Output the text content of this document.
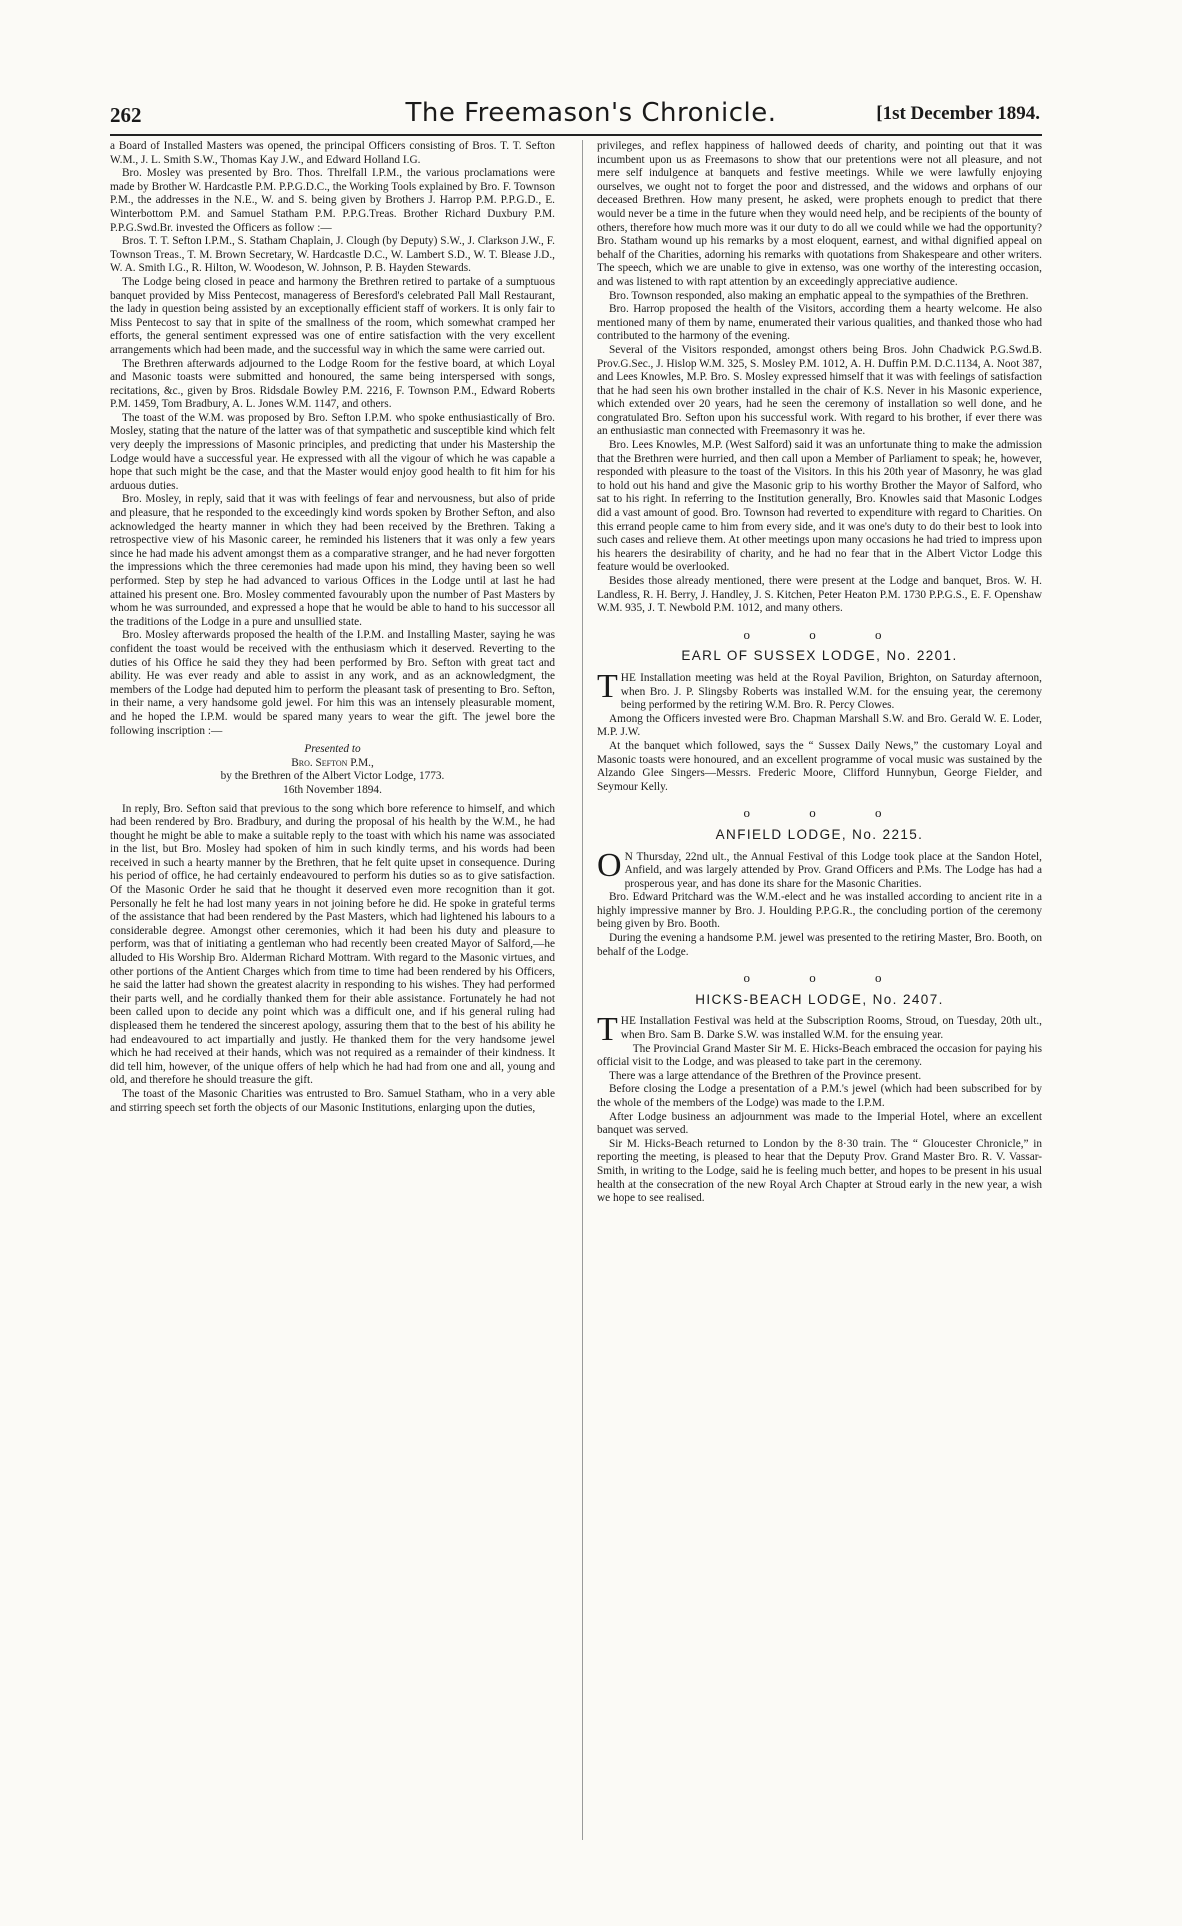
262	The Freemason's Chronicle.	[1st December 1894.

a Board of Installed Masters was opened, the principal Officers consisting of Bros. T. T. Sefton W.M., J. L. Smith S.W., Thomas Kay J.W., and Edward Holland I.G.

Bro. Mosley was presented by Bro. Thos. Threlfall I.P.M., the various proclamations were made by Brother W. Hardcastle P.M. P.P.G.D.C., the Working Tools explained by Bro. F. Townson P.M., the addresses in the N.E., W. and S. being given by Brothers J. Harrop P.M. P.P.G.D., E. Winterbottom P.M. and Samuel Statham P.M. P.P.G.Treas. Brother Richard Duxbury P.M. P.P.G.Swd.Br. invested the Officers as follow :—

Bros. T. T. Sefton I.P.M., S. Statham Chaplain, J. Clough (by Deputy) S.W., J. Clarkson J.W., F. Townson Treas., T. M. Brown Secretary, W. Hardcastle D.C., W. Lambert S.D., W. T. Blease J.D., W. A. Smith I.G., R. Hilton, W. Woodeson, W. Johnson, P. B. Hayden Stewards.

The Lodge being closed in peace and harmony the Brethren retired to partake of a sumptuous banquet provided by Miss Pentecost, manageress of Beresford's celebrated Pall Mall Restaurant, the lady in question being assisted by an exceptionally efficient staff of workers. It is only fair to Miss Pentecost to say that in spite of the smallness of the room, which somewhat cramped her efforts, the general sentiment expressed was one of entire satisfaction with the very excellent arrangements which had been made, and the successful way in which the same were carried out.

The Brethren afterwards adjourned to the Lodge Room for the festive board, at which Loyal and Masonic toasts were submitted and honoured, the same being interspersed with songs, recitations, &c., given by Bros. Ridsdale Bowley P.M. 2216, F. Townson P.M., Edward Roberts P.M. 1459, Tom Bradbury, A. L. Jones W.M. 1147, and others.

The toast of the W.M. was proposed by Bro. Sefton I.P.M. who spoke enthusiastically of Bro. Mosley, stating that the nature of the latter was of that sympathetic and susceptible kind which felt very deeply the impressions of Masonic principles, and predicting that under his Mastership the Lodge would have a successful year. He expressed with all the vigour of which he was capable a hope that such might be the case, and that the Master would enjoy good health to fit him for his arduous duties.

Bro. Mosley, in reply, said that it was with feelings of fear and nervousness, but also of pride and pleasure, that he responded to the exceedingly kind words spoken by Brother Sefton, and also acknowledged the hearty manner in which they had been received by the Brethren. Taking a retrospective view of his Masonic career, he reminded his listeners that it was only a few years since he had made his advent amongst them as a comparative stranger, and he had never forgotten the impressions which the three ceremonies had made upon his mind, they having been so well performed. Step by step he had advanced to various Offices in the Lodge until at last he had attained his present one. Bro. Mosley commented favourably upon the number of Past Masters by whom he was surrounded, and expressed a hope that he would be able to hand to his successor all the traditions of the Lodge in a pure and unsullied state.

Bro. Mosley afterwards proposed the health of the I.P.M. and Installing Master, saying he was confident the toast would be received with the enthusiasm which it deserved. Reverting to the duties of his Office he said they they had been performed by Bro. Sefton with great tact and ability. He was ever ready and able to assist in any work, and as an acknowledgment, the members of the Lodge had deputed him to perform the pleasant task of presenting to Bro. Sefton, in their name, a very handsome gold jewel. For him this was an intensely pleasurable moment, and he hoped the I.P.M. would be spared many years to wear the gift. The jewel bore the following inscription :—

Presented to

Bro. Sefton P.M.,

by the Brethren of the Albert Victor Lodge, 1773.

16th November 1894.

In reply, Bro. Sefton said that previous to the song which bore reference to himself, and which had been rendered by Bro. Bradbury, and during the proposal of his health by the W.M., he had thought he might be able to make a suitable reply to the toast with which his name was associated in the list, but Bro. Mosley had spoken of him in such kindly terms, and his words had been received in such a hearty manner by the Brethren, that he felt quite upset in consequence. During his period of office, he had certainly endeavoured to perform his duties so as to give satisfaction. Of the Masonic Order he said that he thought it deserved even more recognition than it got. Personally he felt he had lost many years in not joining before he did. He spoke in grateful terms of the assistance that had been rendered by the Past Masters, which had lightened his labours to a considerable degree. Amongst other ceremonies, which it had been his duty and pleasure to perform, was that of initiating a gentleman who had recently been created Mayor of Salford,—he alluded to His Worship Bro. Alderman Richard Mottram. With regard to the Masonic virtues, and other portions of the Antient Charges which from time to time had been rendered by his Officers, he said the latter had shown the greatest alacrity in responding to his wishes. They had performed their parts well, and he cordially thanked them for their able assistance. Fortunately he had not been called upon to decide any point which was a difficult one, and if his general ruling had displeased them he tendered the sincerest apology, assuring them that to the best of his ability he had endeavoured to act impartially and justly. He thanked them for the very handsome jewel which he had received at their hands, which was not required as a remainder of their kindness. It did tell him, however, of the unique offers of help which he had had from one and all, young and old, and therefore he should treasure the gift.

The toast of the Masonic Charities was entrusted to Bro. Samuel Statham, who in a very able and stirring speech set forth the objects of our Masonic Institutions, enlarging upon the duties,

privileges, and reflex happiness of hallowed deeds of charity, and pointing out that it was incumbent upon us as Freemasons to show that our pretentions were not all pleasure, and not mere self indulgence at banquets and festive meetings. While we were lawfully enjoying ourselves, we ought not to forget the poor and distressed, and the widows and orphans of our deceased Brethren. How many present, he asked, were prophets enough to predict that there would never be a time in the future when they would need help, and be recipients of the bounty of others, therefore how much more was it our duty to do all we could while we had the opportunity? Bro. Statham wound up his remarks by a most eloquent, earnest, and withal dignified appeal on behalf of the Charities, adorning his remarks with quotations from Shakespeare and other writers. The speech, which we are unable to give in extenso, was one worthy of the interesting occasion, and was listened to with rapt attention by an exceedingly appreciative audience.

Bro. Townson responded, also making an emphatic appeal to the sympathies of the Brethren.

Bro. Harrop proposed the health of the Visitors, according them a hearty welcome. He also mentioned many of them by name, enumerated their various qualities, and thanked those who had contributed to the harmony of the evening.

Several of the Visitors responded, amongst others being Bros. John Chadwick P.G.Swd.B. Prov.G.Sec., J. Hislop W.M. 325, S. Mosley P.M. 1012, A. H. Duffin P.M. D.C.1134, A. Noot 387, and Lees Knowles, M.P. Bro. S. Mosley expressed himself that it was with feelings of satisfaction that he had seen his own brother installed in the chair of K.S. Never in his Masonic experience, which extended over 20 years, had he seen the ceremony of installation so well done, and he congratulated Bro. Sefton upon his successful work. With regard to his brother, if ever there was an enthusiastic man connected with Freemasonry it was he.

Bro. Lees Knowles, M.P. (West Salford) said it was an unfortunate thing to make the admission that the Brethren were hurried, and then call upon a Member of Parliament to speak; he, however, responded with pleasure to the toast of the Visitors. In this his 20th year of Masonry, he was glad to hold out his hand and give the Masonic grip to his worthy Brother the Mayor of Salford, who sat to his right. In referring to the Institution generally, Bro. Knowles said that Masonic Lodges did a vast amount of good. Bro. Townson had reverted to expenditure with regard to Charities. On this errand people came to him from every side, and it was one's duty to do their best to look into such cases and relieve them. At other meetings upon many occasions he had tried to impress upon his hearers the desirability of charity, and he had no fear that in the Albert Victor Lodge this feature would be overlooked.

Besides those already mentioned, there were present at the Lodge and banquet, Bros. W. H. Landless, R. H. Berry, J. Handley, J. S. Kitchen, Peter Heaton P.M. 1730 P.P.G.S., E. F. Openshaw W.M. 935, J. T. Newbold P.M. 1012, and many others.

o o o
EARL OF SUSSEX LODGE, No. 2201.

THE Installation meeting was held at the Royal Pavilion, Brighton, on Saturday afternoon, when Bro. J. P. Slingsby Roberts was installed W.M. for the ensuing year, the ceremony being performed by the retiring W.M. Bro. R. Percy Clowes.

Among the Officers invested were Bro. Chapman Marshall S.W. and Bro. Gerald W. E. Loder, M.P. J.W.

At the banquet which followed, says the “ Sussex Daily News,” the customary Loyal and Masonic toasts were honoured, and an excellent programme of vocal music was sustained by the Alzando Glee Singers—Messrs. Frederic Moore, Clifford Hunnybun, George Fielder, and Seymour Kelly.

o o o
ANFIELD LODGE, No. 2215.

O N Thursday, 22nd ult., the Annual Festival of this Lodge took place at the Sandon Hotel, Anfield, and was largely attended by Prov. Grand Officers and P.Ms. The Lodge has had a prosperous year, and has done its share for the Masonic Charities.

Bro. Edward Pritchard was the W.M.-elect and he was installed according to ancient rite in a highly impressive manner by Bro. J. Houlding P.P.G.R., the concluding portion of the ceremony being given by Bro. Booth.

During the evening a handsome P.M. jewel was presented to the retiring Master, Bro. Booth, on behalf of the Lodge.

o o o
HICKS-BEACH LODGE, No. 2407.

THE Installation Festival was held at the Subscription Rooms, Stroud, on Tuesday, 20th ult., when Bro. Sam B. Darke S.W. was installed W.M. for the ensuing year.

The Provincial Grand Master Sir M. E. Hicks-Beach embraced the occasion for paying his official visit to the Lodge, and was pleased to take part in the ceremony.

There was a large attendance of the Brethren of the Province present.

Before closing the Lodge a presentation of a P.M.'s jewel (which had been subscribed for by the whole of the members of the Lodge) was made to the I.P.M.

After Lodge business an adjournment was made to the Imperial Hotel, where an excellent banquet was served.

Sir M. Hicks-Beach returned to London by the 8·30 train. The “ Gloucester Chronicle,” in reporting the meeting, is pleased to hear that the Deputy Prov. Grand Master Bro. R. V. Vassar-Smith, in writing to the Lodge, said he is feeling much better, and hopes to be present in his usual health at the consecration of the new Royal Arch Chapter at Stroud early in the new year, a wish we hope to see realised.
